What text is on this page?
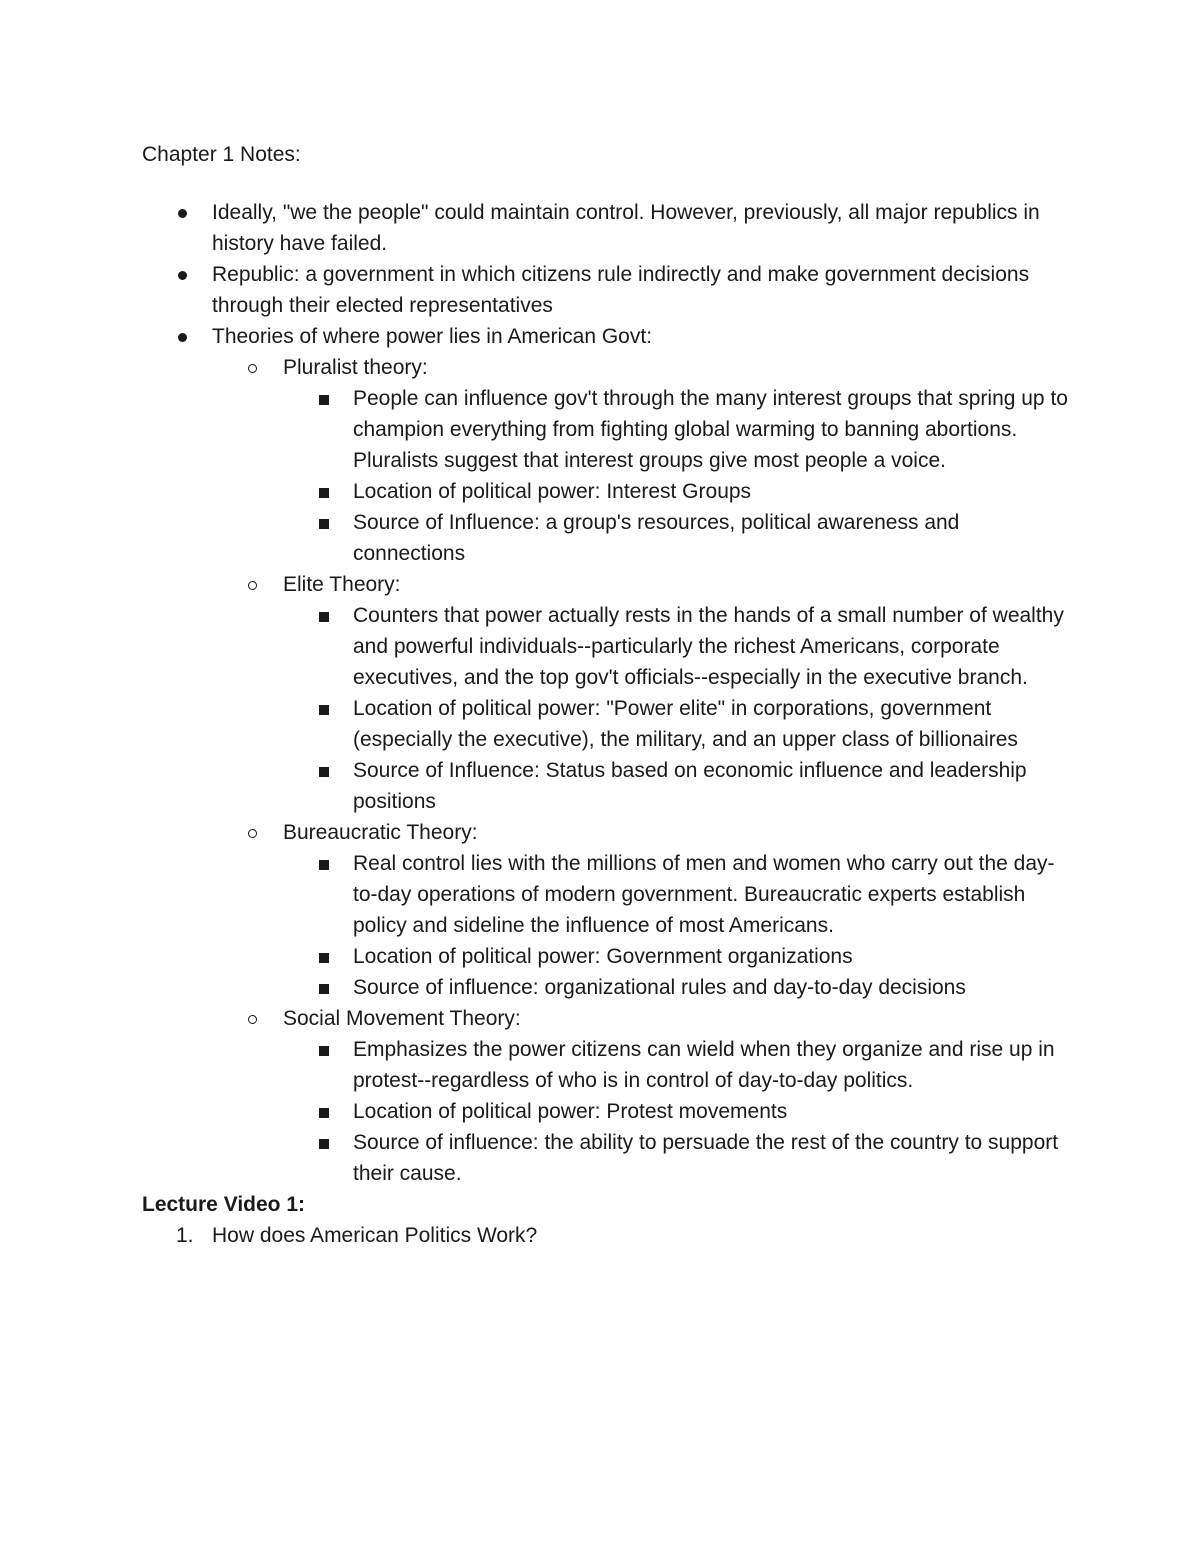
Chapter 1 Notes:
Ideally, "we the people" could maintain control. However, previously, all major republics in history have failed.
Republic: a government in which citizens rule indirectly and make government decisions through their elected representatives
Theories of where power lies in American Govt:
Pluralist theory:
People can influence gov't through the many interest groups that spring up to champion everything from fighting global warming to banning abortions. Pluralists suggest that interest groups give most people a voice.
Location of political power: Interest Groups
Source of Influence: a group's resources, political awareness and connections
Elite Theory:
Counters that power actually rests in the hands of a small number of wealthy and powerful individuals--particularly the richest Americans, corporate executives, and the top gov't officials--especially in the executive branch.
Location of political power: "Power elite" in corporations, government (especially the executive), the military, and an upper class of billionaires
Source of Influence: Status based on economic influence and leadership positions
Bureaucratic Theory:
Real control lies with the millions of men and women who carry out the day-to-day operations of modern government. Bureaucratic experts establish policy and sideline the influence of most Americans.
Location of political power: Government organizations
Source of influence: organizational rules and day-to-day decisions
Social Movement Theory:
Emphasizes the power citizens can wield when they organize and rise up in protest--regardless of who is in control of day-to-day politics.
Location of political power: Protest movements
Source of influence: the ability to persuade the rest of the country to support their cause.
Lecture Video 1:
1. How does American Politics Work?
